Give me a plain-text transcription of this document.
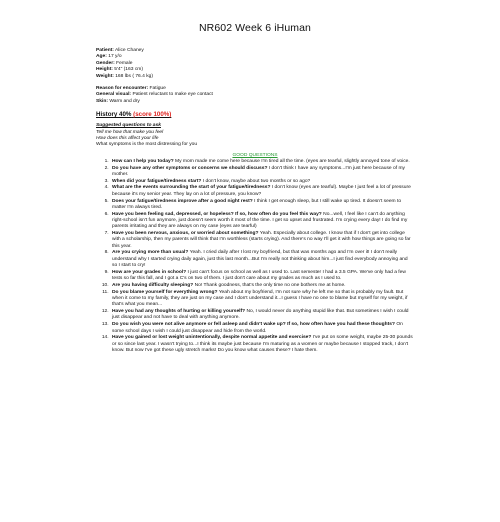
NR602 Week 6 iHuman
Patient: Alice Chaney
Age: 17 y/o
Gender: Female
Height: 5'4" (163 cm)
Weight: 168 lbs ( 76.4 kg)
Reason for encounter: Fatigue
General visual: Patient reluctant to make eye contact
Skin: Warm and dry
History 40% (score 100%)
Suggested questions to ask
Tell me how that make you feel
How does this affect your life
What symptoms is the most distressing for you
GOOD QUESTIONS
1. How can I help you today? My mom made me come here because I'm tired all the time. (eyes are tearful, slightly annoyed tone of voice.
2. Do you have any other symptoms or concerns we should discuss? I don't think I have any symptoms...I'm just here because of my mother.
3. When did your fatigue/tiredness start? I don't know, maybe about two months or so ago?
4. What are the events surrounding the start of your fatigue/tiredness? I don't know (eyes are tearful). Maybe I just feel a lot of pressure because it's my senior year. They lay on a lot of pressure, you know?
5. Does your fatigue/tiredness improve after a good night rest? I think I get enough sleep, but I still wake up tired. It doesn't seem to matter I'm always tired.
6. Have you been feeling sad, depressed, or hopeless? If so, how often do you feel this way? No...well, I feel like I can't do anything right-school isn't fun anymore, just doesn't seem worth it most of the time. I get so upset and frustrated. I'm crying every day! I do find my parents irritating and they are always on my case (eyes are tearful)
7. Have you been nervous, anxious, or worried about something? Yeah. Especially about college. I know that if I don't get into college with a scholarship, then my parents will think that I'm worthless (starts crying). And there's no way I'll get it with how things are going so far this year.
8. Are you crying more than usual? Yeah. I cried daily after I lost my boyfriend, but that was months ago and I'm over it! I don't really understand why I started crying daily again, just this last month...But I'm really not thinking about him...I just find everybody annoying and so I start to cry!
9. How are your grades in school? I just can't focus on school as well as I used to. Last semester I had a 3.5 GPA. We've only had a few tests so far this fall, and I got a C's on two of them. I just don't care about my grades as much as I used to.
10. Are you having difficulty sleeping? No! Thank goodness, that's the only time no one bothers me at home.
11. Do you blame yourself for everything wrong? Yeah about my boyfriend, I'm not sure why he left me so that is probably my fault. But when it come to my family, they are just on my case and I don't understand it...I guess I have no one to blame but myself for my weight, if that's what you mean...
12. Have you had any thoughts of hurting or killing yourself? No, I would never do anything stupid like that. But sometimes I wish I could just disappear and not have to deal with anything anymore.
13. Do you wish you were not alive anymore or fell asleep and didn't wake up? If so, how often have you had these thoughts? On some school days I wish I could just disappear and hide from the world.
14. Have you gained or lost weight unintentionally, despite normal appetite and exercise? I've put on some weight, maybe 25-30 pounds or so since last year. I wasn't trying to...I think its maybe just because I'm maturing as a women or maybe because I stopped track, I don't know. But now I've got these ugly stretch marks! Do you know what causes these? I hate them.
